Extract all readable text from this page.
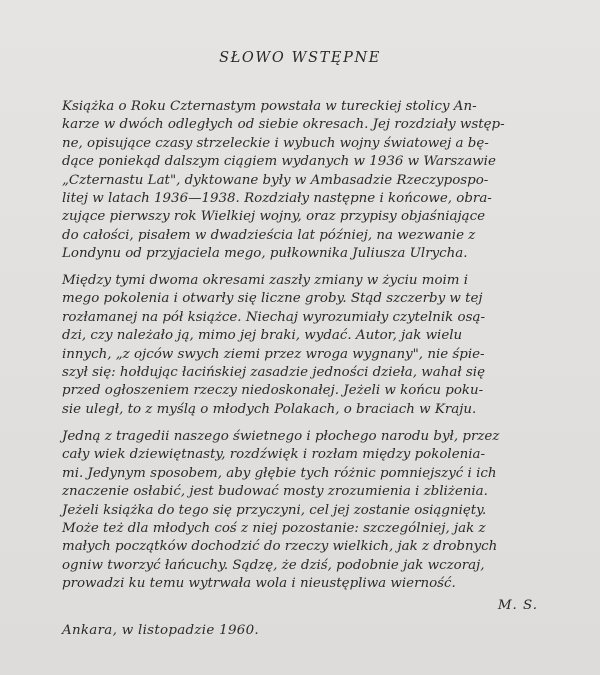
SŁOWO WSTĘPNE

Książka o Roku Czternastym powstała w tureckiej stolicy An-
karze w dwóch odległych od siebie okresach. Jej rozdziały wstęp-
ne, opisujące czasy strzeleckie i wybuch wojny światowej a bę-
dące poniekąd dalszym ciągiem wydanych w 1936 w Warszawie
„Czternastu Lat", dyktowane były w Ambasadzie Rzeczypospo-
litej w latach 1936—1938. Rozdziały następne i końcowe, obra-
zujące pierwszy rok Wielkiej wojny, oraz przypisy objaśniające
do całości, pisałem w dwadzieścia lat później, na wezwanie z
Londynu od przyjaciela mego, pułkownika Juliusza Ulrycha.

Między tymi dwoma okresami zaszły zmiany w życiu moim i
mego pokolenia i otwarły się liczne groby. Stąd szczerby w tej
rozłamanej na pół książce. Niechaj wyrozumiały czytelnik osą-
dzi, czy należało ją, mimo jej braki, wydać. Autor, jak wielu
innych, „z ojców swych ziemi przez wroga wygnany", nie śpie-
szył się: hołdując łacińskiej zasadzie jedności dzieła, wahał się
przed ogłoszeniem rzeczy niedoskonałej. Jeżeli w końcu poku-
sie uległ, to z myślą o młodych Polakach, o braciach w Kraju.

Jedną z tragedii naszego świetnego i płochego narodu był, przez
cały wiek dziewiętnasty, rozdźwięk i rozłam między pokolenia-
mi. Jedynym sposobem, aby głębie tych różnic pomniejszyć i ich
znaczenie osłabić, jest budować mosty zrozumienia i zbliżenia.
Jeżeli książka do tego się przyczyni, cel jej zostanie osiągnięty.
Może też dla młodych coś z niej pozostanie: szczególniej, jak z
małych początków dochodzić do rzeczy wielkich, jak z drobnych
ogniw tworzyć łańcuchy. Sądzę, że dziś, podobnie jak wczoraj,
prowadzi ku temu wytrwała wola i nieustępliwa wierność.

M. S.

Ankara, w listopadzie 1960.
